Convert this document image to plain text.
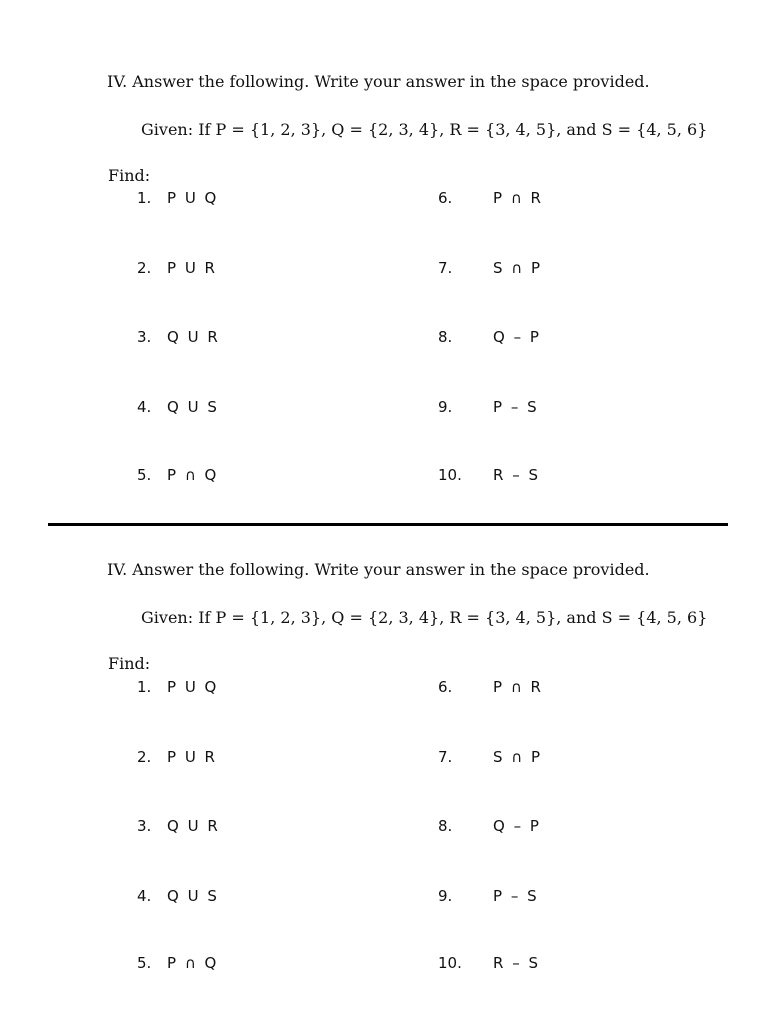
IV. Answer the following. Write your answer in the space provided.
Given: If P = {1, 2, 3}, Q = {2, 3, 4}, R = {3, 4, 5}, and S = {4, 5, 6}
Find:
1. P U Q
2. P U R
3. Q U R
4. Q U S
5. P ∩ Q
6.	P ∩ R
7.	S ∩ P
8.	Q – P
9.	P – S
10. R – S
IV. Answer the following. Write your answer in the space provided.
Given: If P = {1, 2, 3}, Q = {2, 3, 4}, R = {3, 4, 5}, and S = {4, 5, 6}
Find:
1. P U Q
2. P U R
3. Q U R
4. Q U S
5. P ∩ Q
6.	P ∩ R
7.	S ∩ P
8.	Q – P
9.	P – S
10. R – S
